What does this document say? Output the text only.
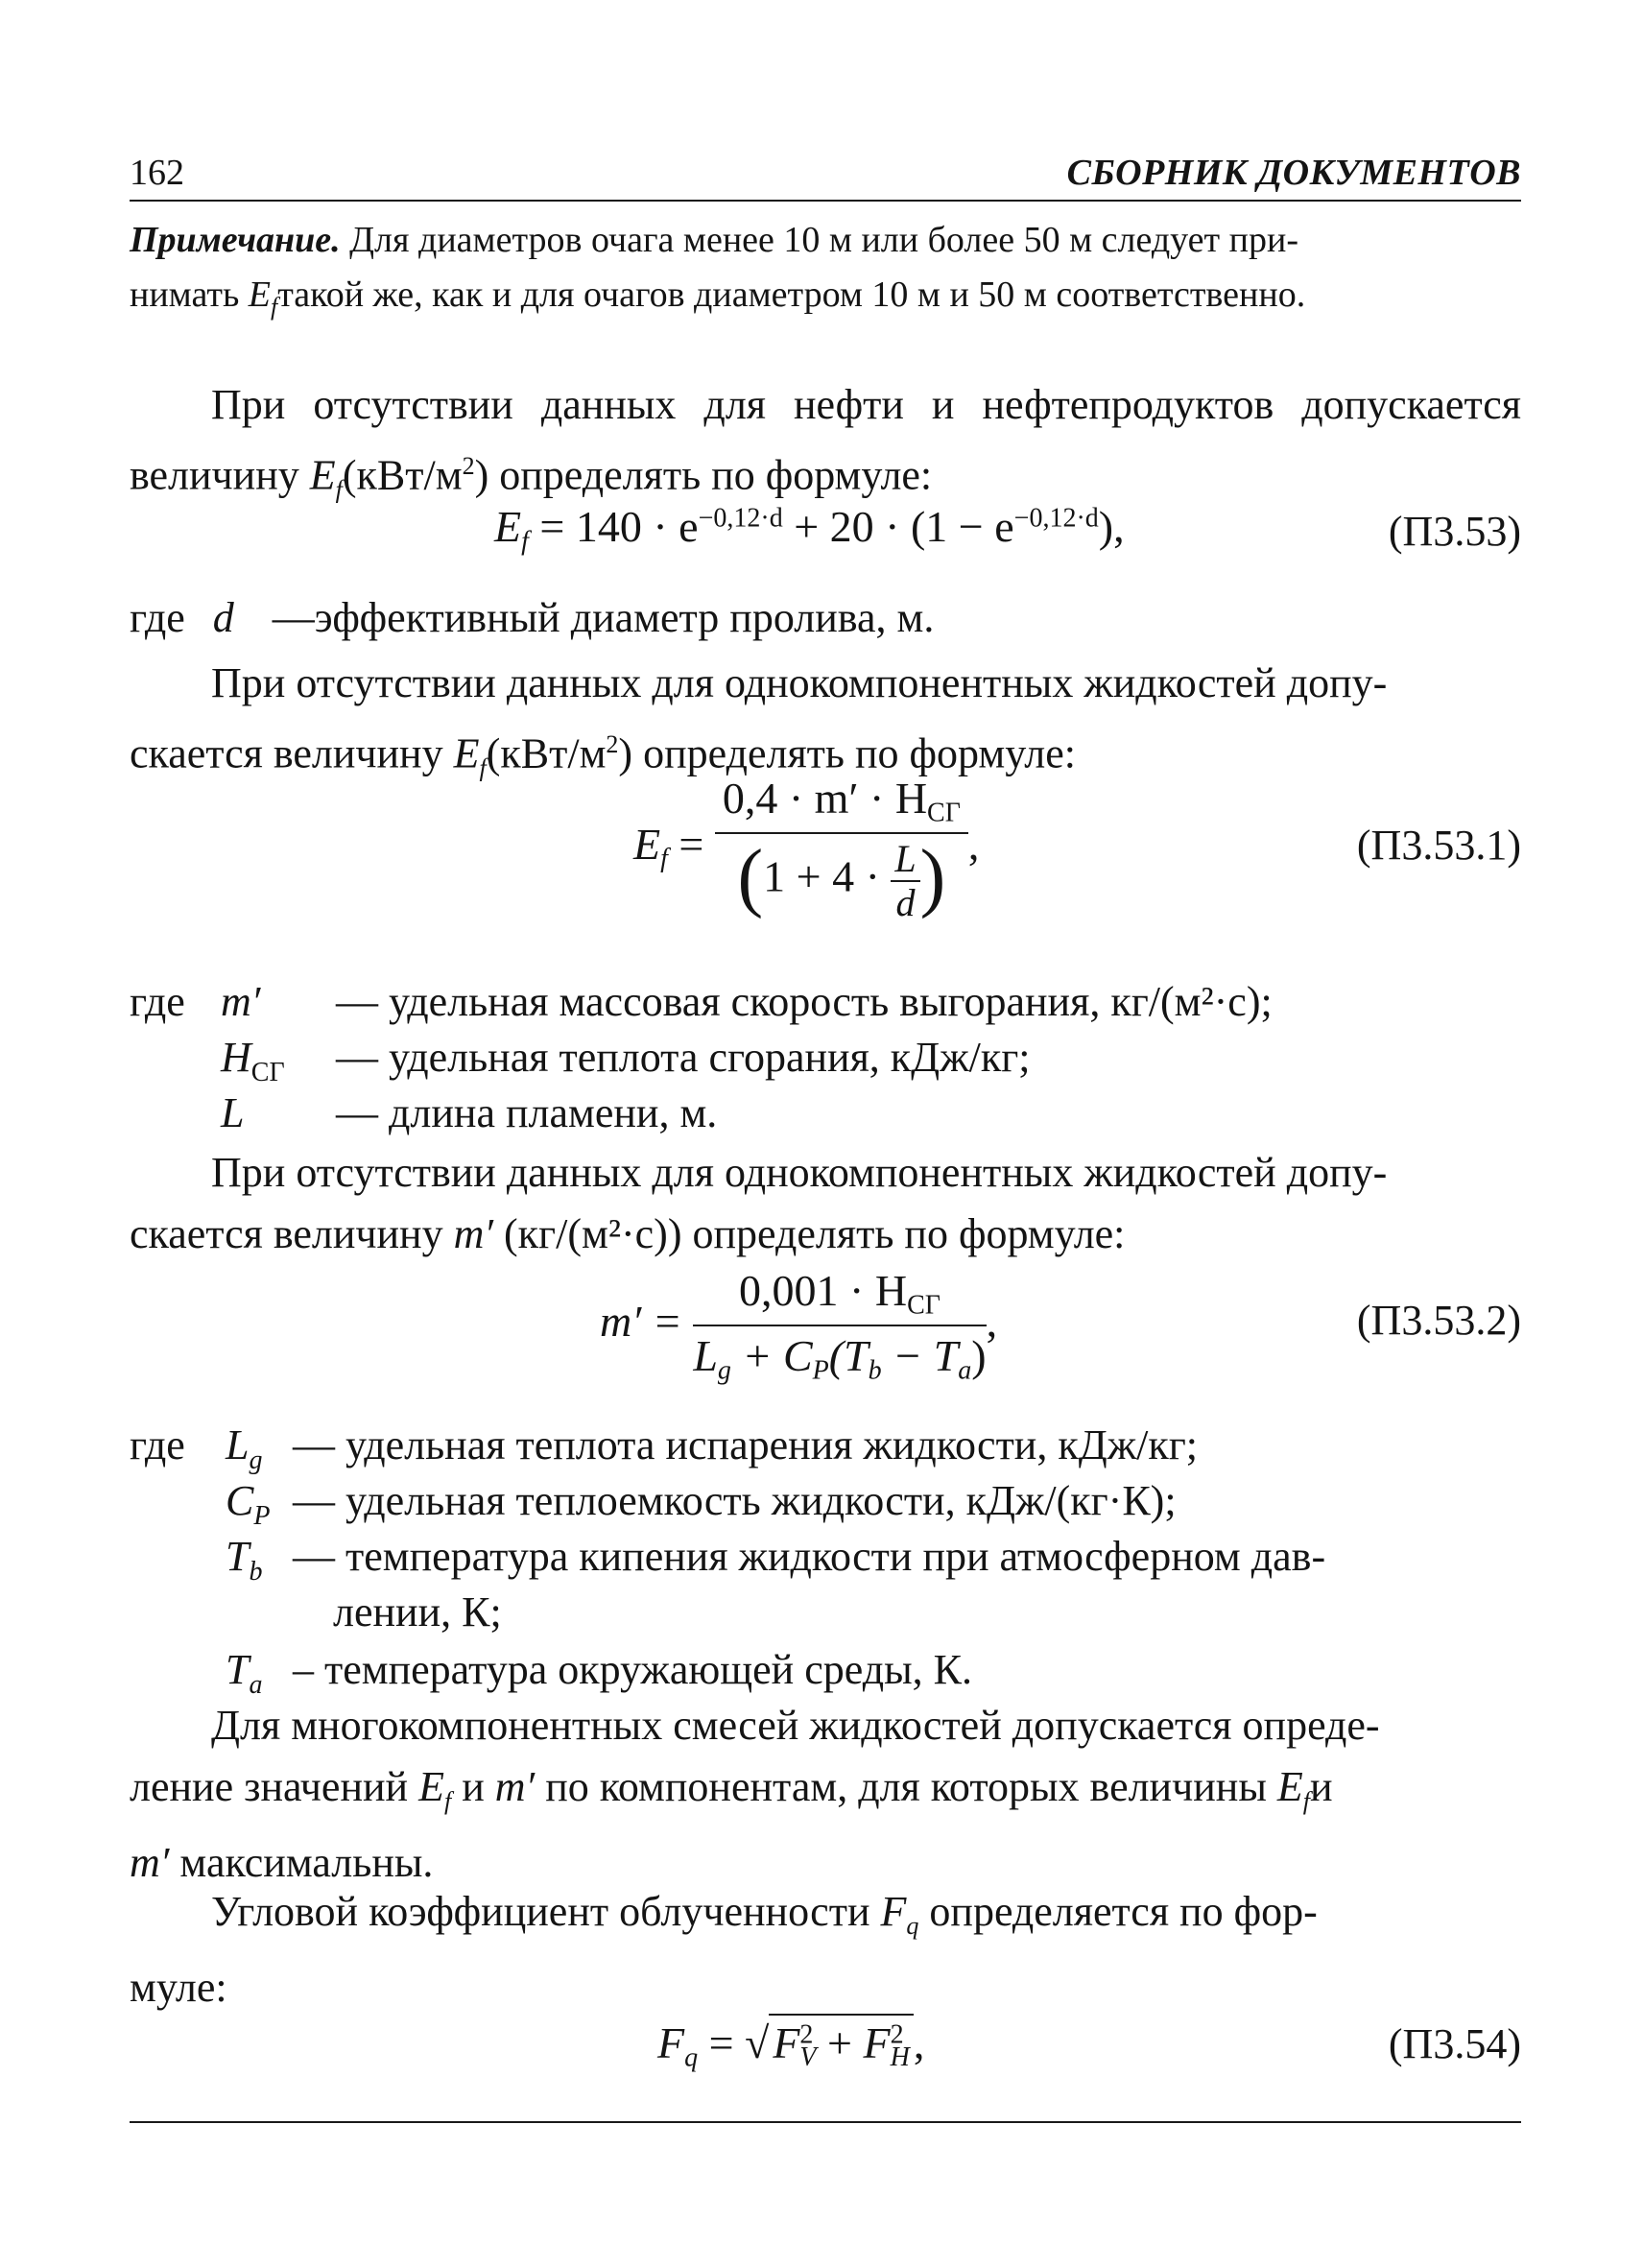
162	СБОРНИК ДОКУМЕНТОВ
Примечание. Для диаметров очага менее 10 м или более 50 м следует при-
нимать $E_fтакой$ же, как и для очагов диаметром 10 м и 50 м соответственно.

При отсутствии данных для нефти и нефтепродуктов допускается величину $E_f(кВт/м^2)$ определять по формуле:

$E_f = 140 \cdot e^{-0,12\cdot d} + 20 \cdot (1 - e^{-0,12\cdot d})$,	(П3.53)
где d —эффективный диаметр пролива, м.

При отсутствии данных для однокомпонентных жидкостей допу-

скается величину $E_f(кВт/м^2)$ определять по формуле:

$E_f = \frac{0,4 \cdot m' \cdot H_{СГ}}{(1 + 4 \cdot \frac{L}{d})}$ ,	(П3.53.1)
где m′ — удельная массовая скорость выгорания, кг/(м²·с);
$H_{СГ}$ — удельная теплота сгорания, кДж/кг;
L — длина пламени, м.

При отсутствии данных для однокомпонентных жидкостей допу-

скается величину m′ (кг/(м²·с)) определять по формуле:

$m' = \frac{0,001 \cdot H_{СГ}}{L_g + C_P(T_b - T_a)}$ ,	(П3.53.2)
где $L_g$ — удельная теплота испарения жидкости, кДж/кг;
$C_P$ — удельная теплоемкость жидкости, кДж/(кг·К);
$T_b$ — температура кипения жидкости при атмосферном дав-
лении, К;
$T_a$ – температура окружающей среды, К.

Для многокомпонентных смесей жидкостей допускается опреде-

ление значений $E_f$ и m′ по компонентам, для которых величины $E_fи$

m′ максимальны.

Угловой коэффициент облученности $F_q$ определяется по фор-

муле:

$F_q = √F^2_V + F^2_H$,	(П3.54)
